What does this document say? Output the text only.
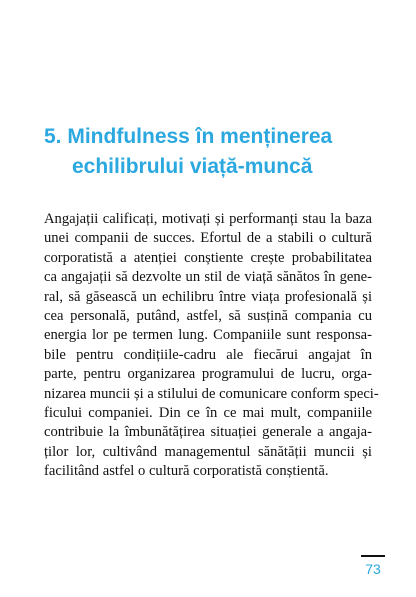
5. Mindfulness în menținerea
echilibrului viață-muncă
Angajații calificați, motivați și performanți stau la baza
unei companii de succes. Efortul de a stabili o cultură
corporatistă a atenției conștiente crește probabilitatea
ca angajații să dezvolte un stil de viață sănătos în gene-
ral, să găsească un echilibru între viața profesională și
cea personală, putând, astfel, să susțină compania cu
energia lor pe termen lung. Companiile sunt responsa-
bile pentru condițiile-cadru ale fiecărui angajat în
parte, pentru organizarea programului de lucru, orga-
nizarea muncii și a stilului de comunicare conform speci-
ficului companiei. Din ce în ce mai mult, companiile
contribuie la îmbunătățirea situației generale a angaja-
ților lor, cultivând managementul sănătății muncii și
facilitând astfel o cultură corporatistă conștientă.
73
